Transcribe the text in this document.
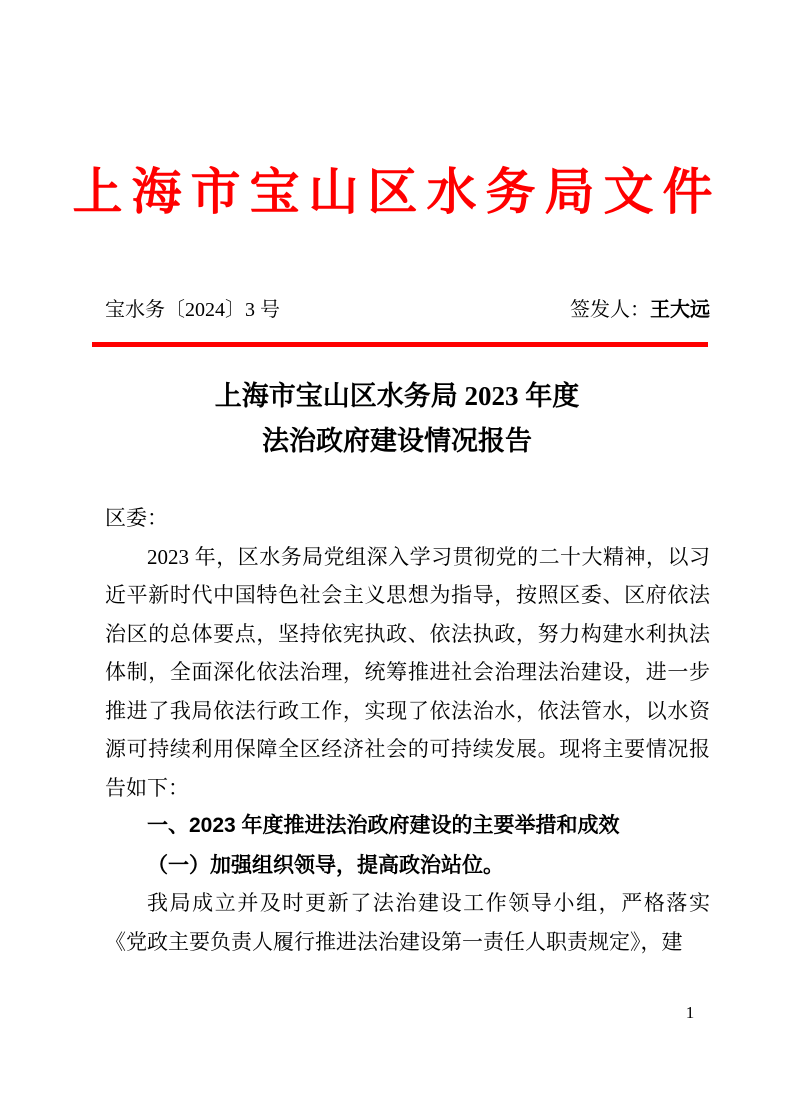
上海市宝山区水务局文件
宝水务〔2024〕3 号	签发人：王大远
上海市宝山区水务局 2023 年度
法治政府建设情况报告

区委：

2023 年，区水务局党组深入学习贯彻党的二十大精神，以习近平新时代中国特色社会主义思想为指导，按照区委、区府依法治区的总体要点，坚持依宪执政、依法执政，努力构建水利执法体制，全面深化依法治理，统筹推进社会治理法治建设，进一步推进了我局依法行政工作，实现了依法治水，依法管水，以水资源可持续利用保障全区经济社会的可持续发展。现将主要情况报告如下：

一、2023 年度推进法治政府建设的主要举措和成效

（一）加强组织领导，提高政治站位。

我局成立并及时更新了法治建设工作领导小组，严格落实《党政主要负责人履行推进法治建设第一责任人职责规定》，建

1
